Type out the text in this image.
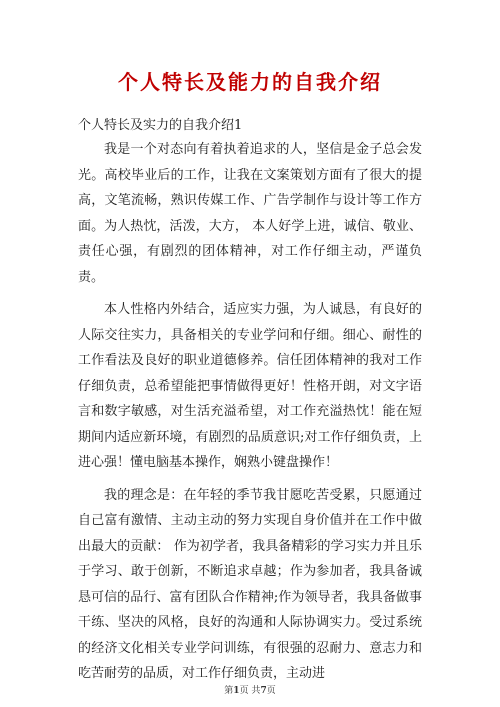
个人特长及能力的自我介绍

个人特长及实力的自我介绍1

我是一个对态向有着执着追求的人，坚信是金子总会发光。高校毕业后的工作，让我在文案策划方面有了很大的提高，文笔流畅，熟识传媒工作、广告学制作与设计等工作方面。为人热忱，活泼，大方， 本人好学上进，诚信、敬业、责任心强，有剧烈的团体精神，对工作仔细主动，严谨负责。

本人性格内外结合，适应实力强，为人诚恳，有良好的人际交往实力，具备相关的专业学问和仔细。细心、耐性的工作看法及良好的职业道德修养。信任团体精神的我对工作仔细负责，总希望能把事情做得更好！性格开朗，对文字语言和数字敏感，对生活充溢希望，对工作充溢热忱！能在短期间内适应新环境，有剧烈的品质意识;对工作仔细负责，上进心强！懂电脑基本操作，娴熟小键盘操作！

我的理念是：在年轻的季节我甘愿吃苦受累，只愿通过自己富有激情、主动主动的努力实现自身价值并在工作中做出最大的贡献： 作为初学者，我具备精彩的学习实力并且乐于学习、敢于创新，不断追求卓越；作为参加者，我具备诚恳可信的品行、富有团队合作精神;作为领导者，我具备做事干练、坚决的风格，良好的沟通和人际协调实力。受过系统的经济文化相关专业学问训练，有很强的忍耐力、意志力和吃苦耐劳的品质，对工作仔细负责，主动进

第1页 共7页
